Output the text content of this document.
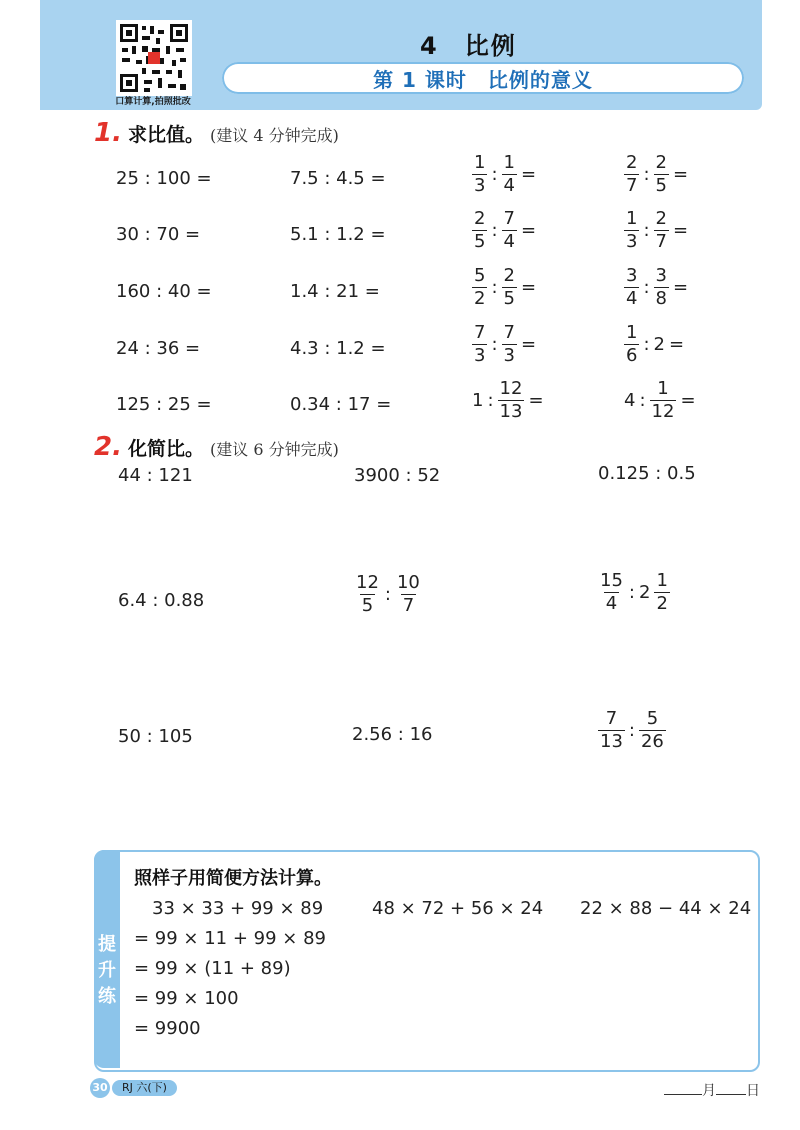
口算计算,拍照批改
4　比例
第 1 课时　比例的意义
1. 求比值。 (建议 4 分钟完成)
25 : 100 =	7.5 : 4.5 =	$\frac{1}{3}$ : $\frac{1}{4}$ =	$\frac{2}{7}$ : $\frac{2}{5}$ =
30 : 70 =	5.1 : 1.2 =	$\frac{2}{5}$ : $\frac{7}{4}$ =	$\frac{1}{3}$ : $\frac{2}{7}$ =
160 : 40 =	1.4 : 21 =	$\frac{5}{2}$ : $\frac{2}{5}$ =	$\frac{3}{4}$ : $\frac{3}{8}$ =
24 : 36 =	4.3 : 1.2 =	$\frac{7}{3}$ : $\frac{7}{3}$ =	$\frac{1}{6}$ : 2 =
125 : 25 =	0.34 : 17 =	1 : $\frac{12}{13}$ =	4 : $\frac{1}{12}$ =
2. 化简比。 (建议 6 分钟完成)
44 : 121	3900 : 52	0.125 : 0.5
6.4 : 0.88	$\frac{12}{5}$ : $\frac{10}{7}$	$\frac{15}{4}$ : $2 \frac{1}{2}$
50 : 105	2.56 : 16	$\frac{7}{13}$ : $\frac{5}{26}$
提
升
练
照样子用简便方法计算。
33 × 33 + 99 × 89
= 99 × 11 + 99 × 89
= 99 × (11 + 89)
= 99 × 100
= 9900
48 × 72 + 56 × 24 22 × 88 − 44 × 24
30	RJ 六(下)	月 日
